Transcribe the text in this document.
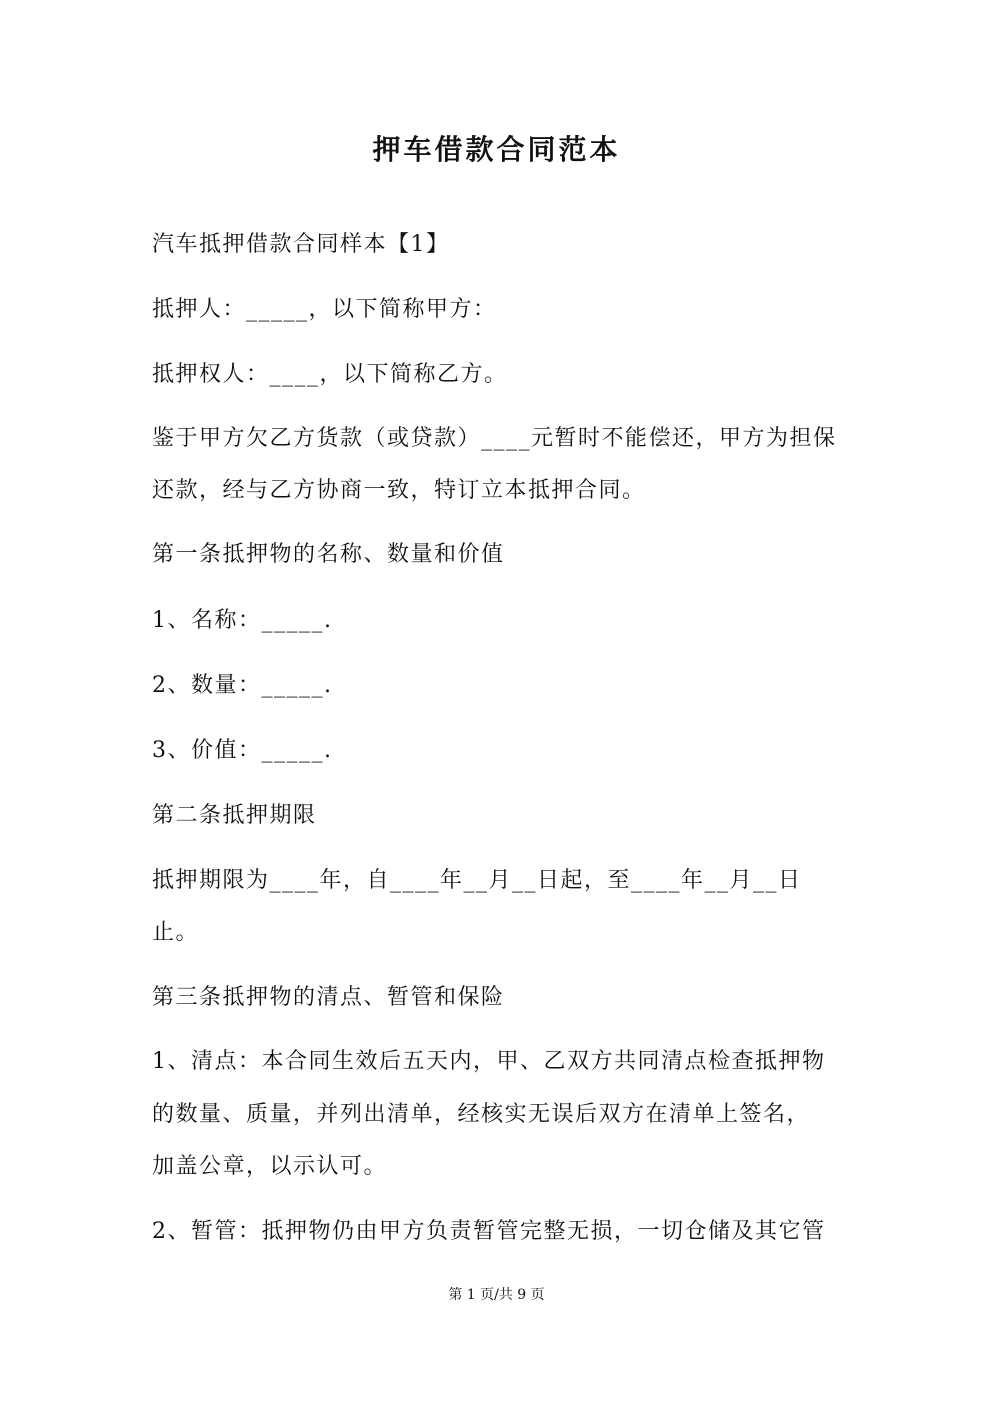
押车借款合同范本
汽车抵押借款合同样本【1】
抵押人：_____，以下简称甲方：
抵押权人：____，以下简称乙方。
鉴于甲方欠乙方货款（或贷款）____元暂时不能偿还，甲方为担保
还款，经与乙方协商一致，特订立本抵押合同。
第一条抵押物的名称、数量和价值
1、名称：_____.
2、数量：_____.
3、价值：_____.
第二条抵押期限
抵押期限为____年，自____年__月__日起，至____年__月__日
止。
第三条抵押物的清点、暂管和保险
1、清点：本合同生效后五天内，甲、乙双方共同清点检查抵押物
的数量、质量，并列出清单，经核实无误后双方在清单上签名，
加盖公章，以示认可。
2、暂管：抵押物仍由甲方负责暂管完整无损，一切仓储及其它管
第 1 页/共 9 页
